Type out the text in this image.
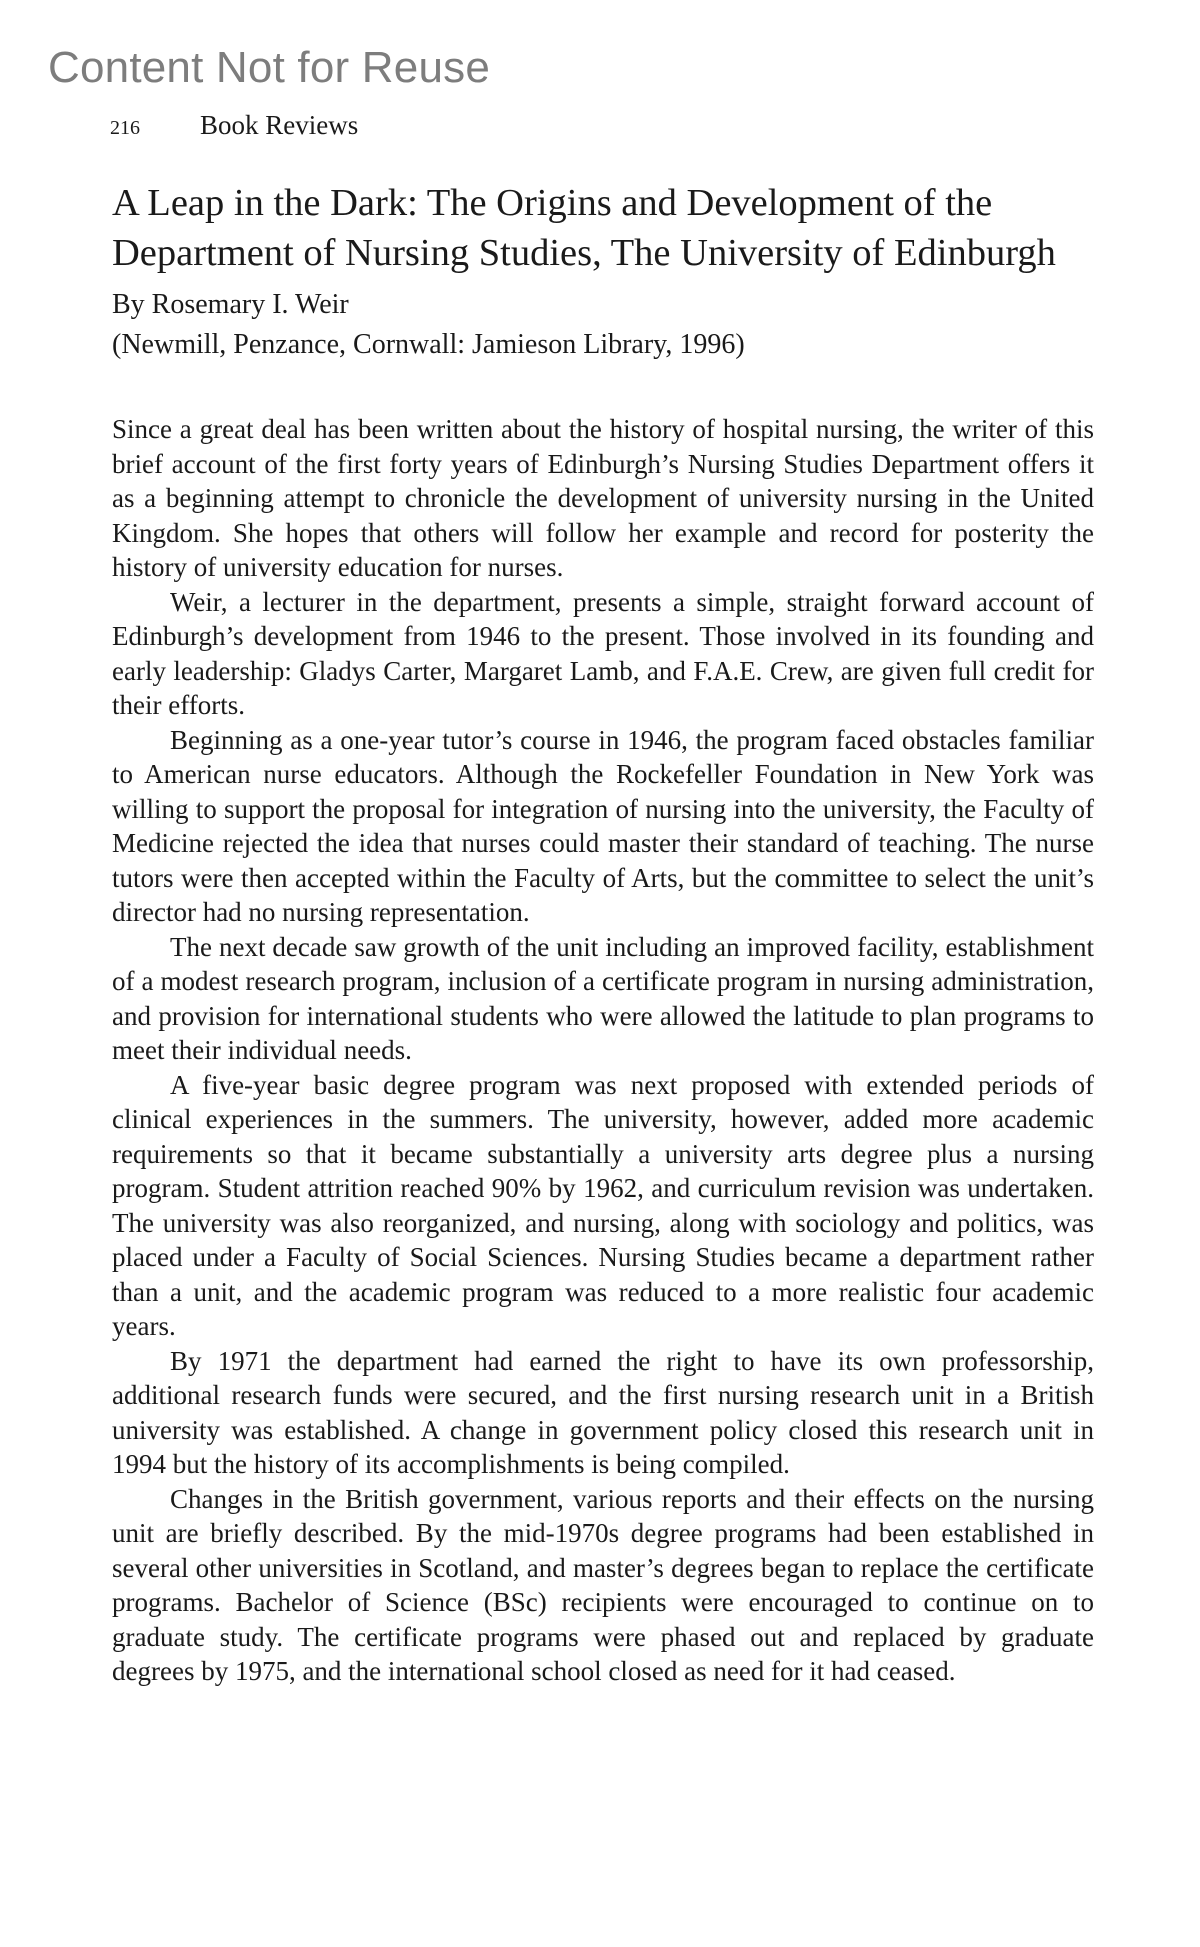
Content Not for Reuse
216	Book Reviews
A Leap in the Dark: The Origins and Development of the Department of Nursing Studies, The University of Edinburgh
By Rosemary I. Weir
(Newmill, Penzance, Cornwall: Jamieson Library, 1996)

Since a great deal has been written about the history of hospital nursing, the writer of this brief account of the first forty years of Edinburgh’s Nursing Studies Department offers it as a beginning attempt to chronicle the development of university nursing in the United Kingdom. She hopes that others will follow her example and record for posterity the history of university education for nurses.

Weir, a lecturer in the department, presents a simple, straight forward account of Edinburgh’s development from 1946 to the present. Those involved in its founding and early leadership: Gladys Carter, Margaret Lamb, and F.A.E. Crew, are given full credit for their efforts.

Beginning as a one-year tutor’s course in 1946, the program faced obstacles familiar to American nurse educators. Although the Rockefeller Foundation in New York was willing to support the proposal for integration of nursing into the university, the Faculty of Medicine rejected the idea that nurses could master their standard of teaching. The nurse tutors were then accepted within the Faculty of Arts, but the committee to select the unit’s director had no nursing representation.

The next decade saw growth of the unit including an improved facility, establishment of a modest research program, inclusion of a certificate program in nursing administration, and provision for international students who were allowed the latitude to plan programs to meet their individual needs.

A five-year basic degree program was next proposed with extended periods of clinical experiences in the summers. The university, however, added more academic requirements so that it became substantially a university arts degree plus a nursing program. Student attrition reached 90% by 1962, and curriculum revision was undertaken. The university was also reorganized, and nursing, along with sociology and politics, was placed under a Faculty of Social Sciences. Nursing Studies became a department rather than a unit, and the academic program was reduced to a more realistic four academic years.

By 1971 the department had earned the right to have its own professorship, additional research funds were secured, and the first nursing research unit in a British university was established. A change in government policy closed this research unit in 1994 but the history of its accomplishments is being compiled.

Changes in the British government, various reports and their effects on the nursing unit are briefly described. By the mid-1970s degree programs had been established in several other universities in Scotland, and master’s degrees began to replace the certificate programs. Bachelor of Science (BSc) recipients were encouraged to continue on to graduate study. The certificate programs were phased out and replaced by graduate degrees by 1975, and the international school closed as need for it had ceased.
